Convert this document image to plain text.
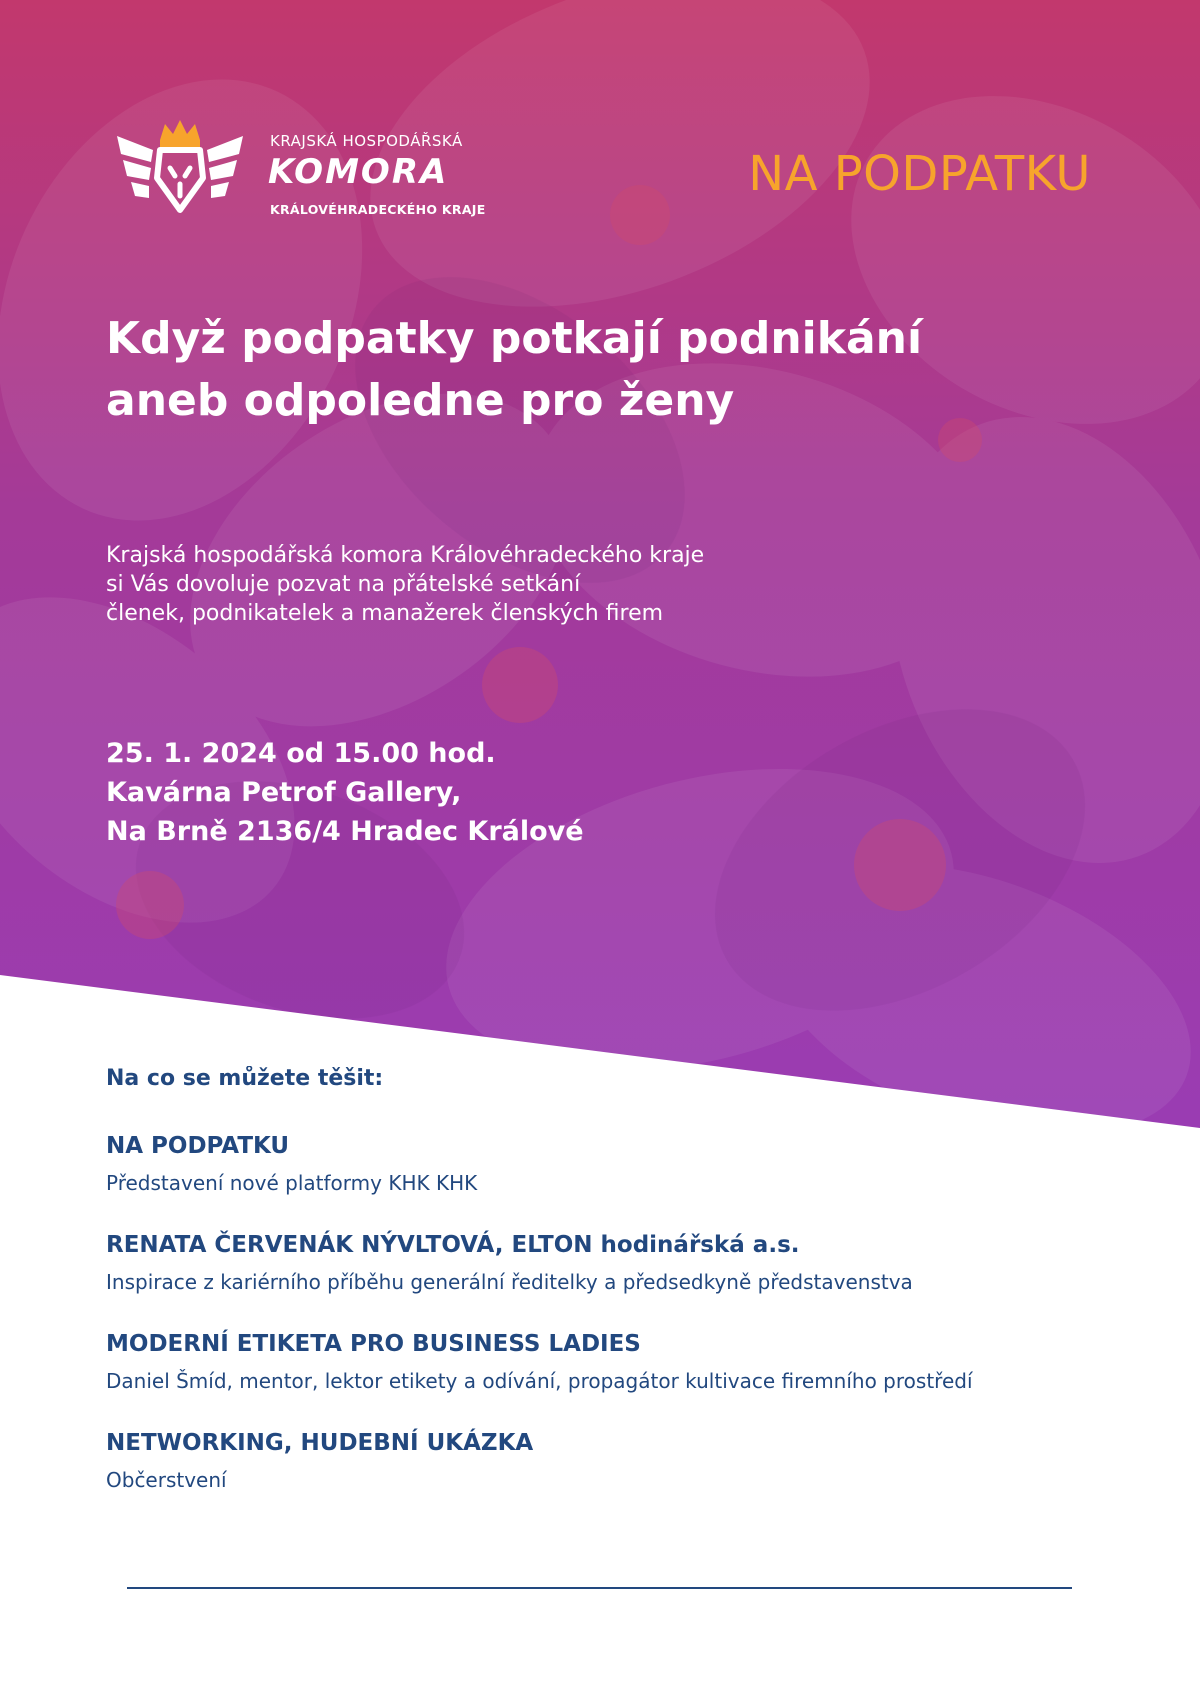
KRAJSKÁ HOSPODÁŘSKÁ
KOMORA
KRÁLOVÉHRADECKÉHO KRAJE
NA PODPATKU
Když podpatky potkají podnikání
aneb odpoledne pro ženy
Krajská hospodářská komora Královéhradeckého kraje
si Vás dovoluje pozvat na přátelské setkání
členek, podnikatelek a manažerek členských firem
25. 1. 2024 od 15.00 hod.
Kavárna Petrof Gallery,
Na Brně 2136/4 Hradec Králové
Na co se můžete těšit:
NA PODPATKU
Představení nové platformy KHK KHK
RENATA ČERVENÁK NÝVLTOVÁ, ELTON hodinářská a.s.
Inspirace z kariérního příběhu generální ředitelky a předsedkyně představenstva
MODERNÍ ETIKETA PRO BUSINESS LADIES
Daniel Šmíd, mentor, lektor etikety a odívání, propagátor kultivace firemního prostředí
NETWORKING, HUDEBNÍ UKÁZKA
Občerstvení
